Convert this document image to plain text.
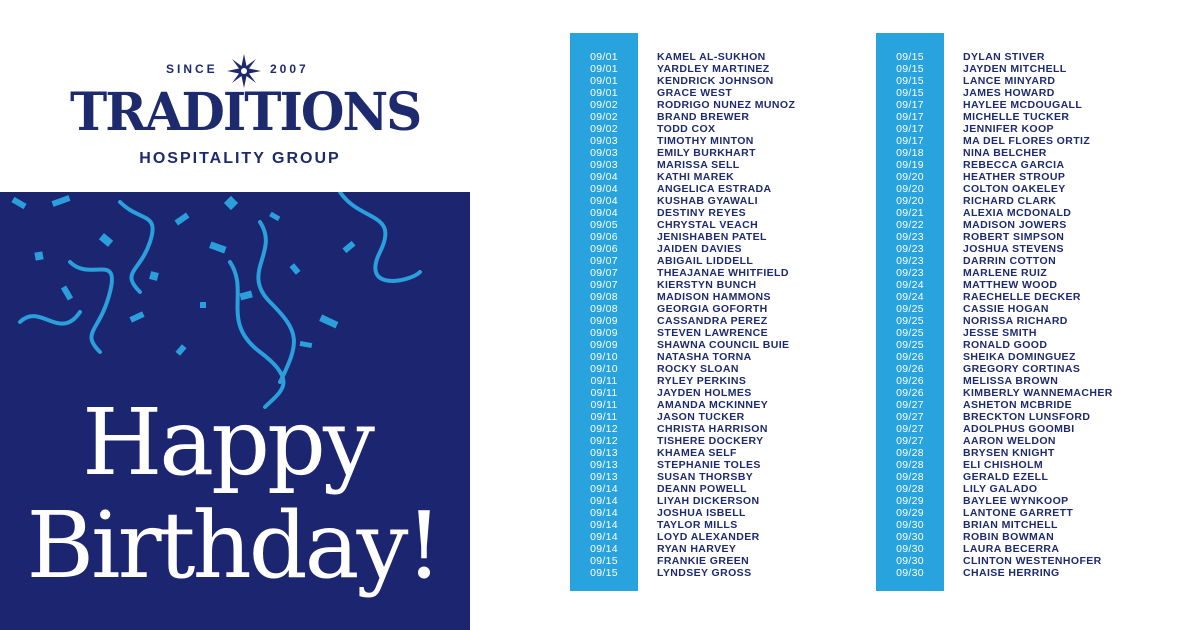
SINCE	2007
TRADITIONS
HOSPITALITY GROUP
Happy
Birthday!
09/01	KAMEL AL-SUKHON
09/01	YARDLEY MARTINEZ
09/01	KENDRICK JOHNSON
09/01	GRACE WEST
09/02	RODRIGO NUNEZ MUNOZ
09/02	BRAND BREWER
09/02	TODD COX
09/03	TIMOTHY MINTON
09/03	EMILY BURKHART
09/03	MARISSA SELL
09/04	KATHI MAREK
09/04	ANGELICA ESTRADA
09/04	KUSHAB GYAWALI
09/04	DESTINY REYES
09/05	CHRYSTAL VEACH
09/06	JENISHABEN PATEL
09/06	JAIDEN DAVIES
09/07	ABIGAIL LIDDELL
09/07	THEAJANAE WHITFIELD
09/07	KIERSTYN BUNCH
09/08	MADISON HAMMONS
09/08	GEORGIA GOFORTH
09/09	CASSANDRA PEREZ
09/09	STEVEN LAWRENCE
09/09	SHAWNA COUNCIL BUIE
09/10	NATASHA TORNA
09/10	ROCKY SLOAN
09/11	RYLEY PERKINS
09/11	JAYDEN HOLMES
09/11	AMANDA MCKINNEY
09/11	JASON TUCKER
09/12	CHRISTA HARRISON
09/12	TISHERE DOCKERY
09/13	KHAMEA SELF
09/13	STEPHANIE TOLES
09/13	SUSAN THORSBY
09/14	DEANN POWELL
09/14	LIYAH DICKERSON
09/14	JOSHUA ISBELL
09/14	TAYLOR MILLS
09/14	LOYD ALEXANDER
09/14	RYAN HARVEY
09/15	FRANKIE GREEN
09/15	LYNDSEY GROSS
09/15	DYLAN STIVER
09/15	JAYDEN MITCHELL
09/15	LANCE MINYARD
09/15	JAMES HOWARD
09/17	HAYLEE MCDOUGALL
09/17	MICHELLE TUCKER
09/17	JENNIFER KOOP
09/17	MA DEL FLORES ORTIZ
09/18	NINA BELCHER
09/19	REBECCA GARCIA
09/20	HEATHER STROUP
09/20	COLTON OAKELEY
09/20	RICHARD CLARK
09/21	ALEXIA MCDONALD
09/22	MADISON JOWERS
09/23	ROBERT SIMPSON
09/23	JOSHUA STEVENS
09/23	DARRIN COTTON
09/23	MARLENE RUIZ
09/24	MATTHEW WOOD
09/24	RAECHELLE DECKER
09/25	CASSIE HOGAN
09/25	NORISSA RICHARD
09/25	JESSE SMITH
09/25	RONALD GOOD
09/26	SHEIKA DOMINGUEZ
09/26	GREGORY CORTINAS
09/26	MELISSA BROWN
09/26	KIMBERLY WANNEMACHER
09/27	ASHETON MCBRIDE
09/27	BRECKTON LUNSFORD
09/27	ADOLPHUS GOOMBI
09/27	AARON WELDON
09/28	BRYSEN KNIGHT
09/28	ELI CHISHOLM
09/28	GERALD EZELL
09/28	LILY GALADO
09/29	BAYLEE WYNKOOP
09/29	LANTONE GARRETT
09/30	BRIAN MITCHELL
09/30	ROBIN BOWMAN
09/30	LAURA BECERRA
09/30	CLINTON WESTENHOFER
09/30	CHAISE HERRING
